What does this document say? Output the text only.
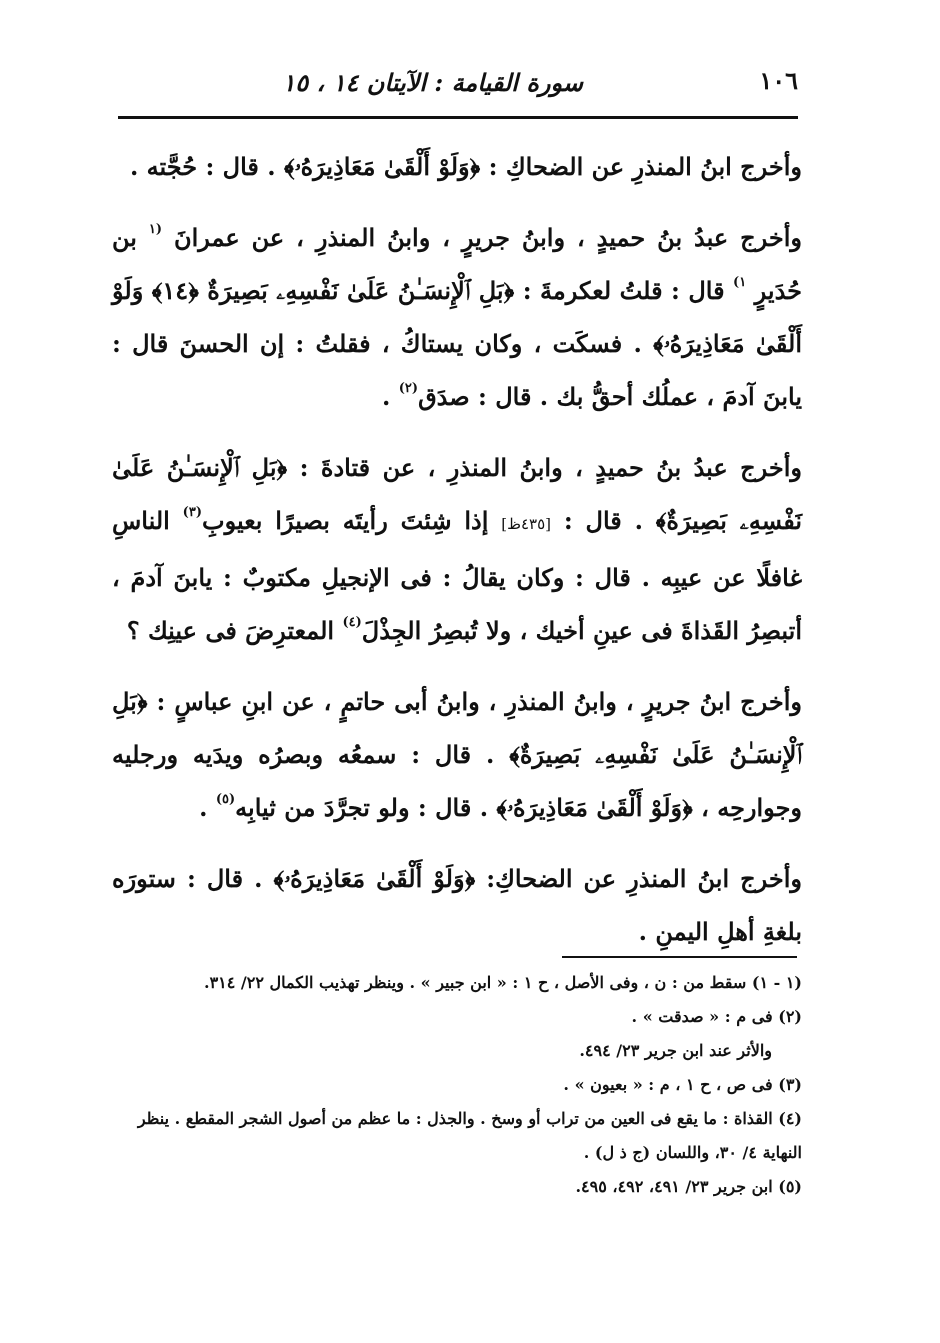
١٠٦
سورة القيامة : الآيتان ١٤ ، ١٥

وأخرج ابنُ المنذرِ عن الضحاكِ : ﴿وَلَوْ أَلْقَىٰ مَعَاذِيرَهُۥ﴾ . قال : حُجَّته .

وأخرج عبدُ بنُ حميدٍ ، وابنُ جريرٍ ، وابنُ المنذرِ ، عن عمرانَ $^{(١}$ بن حُدَيرٍ $^{١)}$ قال : قلتُ لعكرمةَ : ﴿بَلِ ٱلْإِنسَـٰنُ عَلَىٰ نَفْسِهِۦ بَصِيرَةٌ ﴿١٤﴾ وَلَوْ أَلْقَىٰ مَعَاذِيرَهُۥ﴾ . فسكَت ، وكان يستاكُ ، فقلتُ : إن الحسنَ قال : يابنَ آدمَ ، عملُك أحقُّ بك . قال : صدَق$^{(٢)}$ .

وأخرج عبدُ بنُ حميدٍ ، وابنُ المنذرِ ، عن قتادةَ : ﴿بَلِ ٱلْإِنسَـٰنُ عَلَىٰ نَفْسِهِۦ بَصِيرَةٌ﴾ . قال : [٤٣٥ظ] إذا شِئتَ رأيتَه بصيرًا بعيوبِ$^{(٣)}$ الناسِ غافلًا عن عيبِه . قال : وكان يقالُ : فى الإنجيلِ مكتوبٌ : يابنَ آدمَ ، أتبصِرُ القَذاةَ فى عينِ أخيك ، ولا تُبصِرُ الجِذْلَ$^{(٤)}$ المعترِضَ فى عينِك ؟

وأخرج ابنُ جريرٍ ، وابنُ المنذرِ ، وابنُ أبى حاتمٍ ، عن ابنِ عباسٍ : ﴿بَلِ ٱلْإِنسَـٰنُ عَلَىٰ نَفْسِهِۦ بَصِيرَةٌ﴾ . قال : سمعُه وبصرُه ويدَيه ورجليه وجوارحِه ، ﴿وَلَوْ أَلْقَىٰ مَعَاذِيرَهُۥ﴾ . قال : ولو تجرَّدَ من ثيابِه$^{(٥)}$ .

وأخرج ابنُ المنذرِ عن الضحاكِ: ﴿وَلَوْ أَلْقَىٰ مَعَاذِيرَهُۥ﴾ . قال : ستورَه بلغةِ أهلِ اليمنِ .

(١ - ١) سقط من : ن ، وفى الأصل ، ح ١ : « ابن جبير » . وينظر تهذيب الكمال ٢٢/ ٣١٤.

(٢) فى م : « صدقت » .

والأثر عند ابن جرير ٢٣/ ٤٩٤.

(٣) فى ص ، ح ١ ، م : « بعيون » .

(٤) القذاة : ما يقع فى العين من تراب أو وسخ . والجذل : ما عظم من أصول الشجر المقطع . ينظر النهاية ٤/ ٣٠، واللسان (ج ذ ل) .

(٥) ابن جرير ٢٣/ ٤٩١، ٤٩٢، ٤٩٥.
